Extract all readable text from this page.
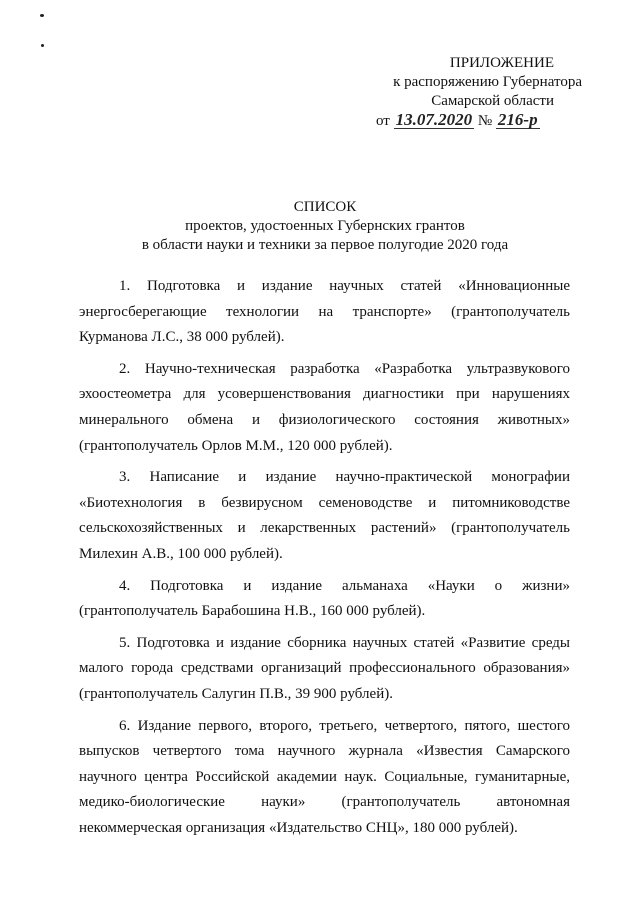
ПРИЛОЖЕНИЕ
к распоряжению Губернатора
Самарской области
от 13.07.2020 № 216-р
СПИСОК
проектов, удостоенных Губернских грантов
в области науки и техники за первое полугодие 2020 года

1. Подготовка и издание научных статей «Инновационные энергосберегающие технологии на транспорте» (грантополучатель Курманова Л.С., 38 000 рублей).

2. Научно-техническая разработка «Разработка ультразвукового эхоостеометра для усовершенствования диагностики при нарушениях минерального обмена и физиологического состояния животных» (грантополучатель Орлов М.М., 120 000 рублей).

3. Написание и издание научно-практической монографии «Биотехнология в безвирусном семеноводстве и питомниководстве сельскохозяйственных и лекарственных растений» (грантополучатель Милехин А.В., 100 000 рублей).

4. Подготовка и издание альманаха «Науки о жизни» (грантополучатель Барабошина Н.В., 160 000 рублей).

5. Подготовка и издание сборника научных статей «Развитие среды малого города средствами организаций профессионального образования» (грантополучатель Салугин П.В., 39 900 рублей).

6. Издание первого, второго, третьего, четвертого, пятого, шестого выпусков четвертого тома научного журнала «Известия Самарского научного центра Российской академии наук. Социальные, гуманитарные, медико-биологические науки» (грантополучатель автономная некоммерческая организация «Издательство СНЦ», 180 000 рублей).
